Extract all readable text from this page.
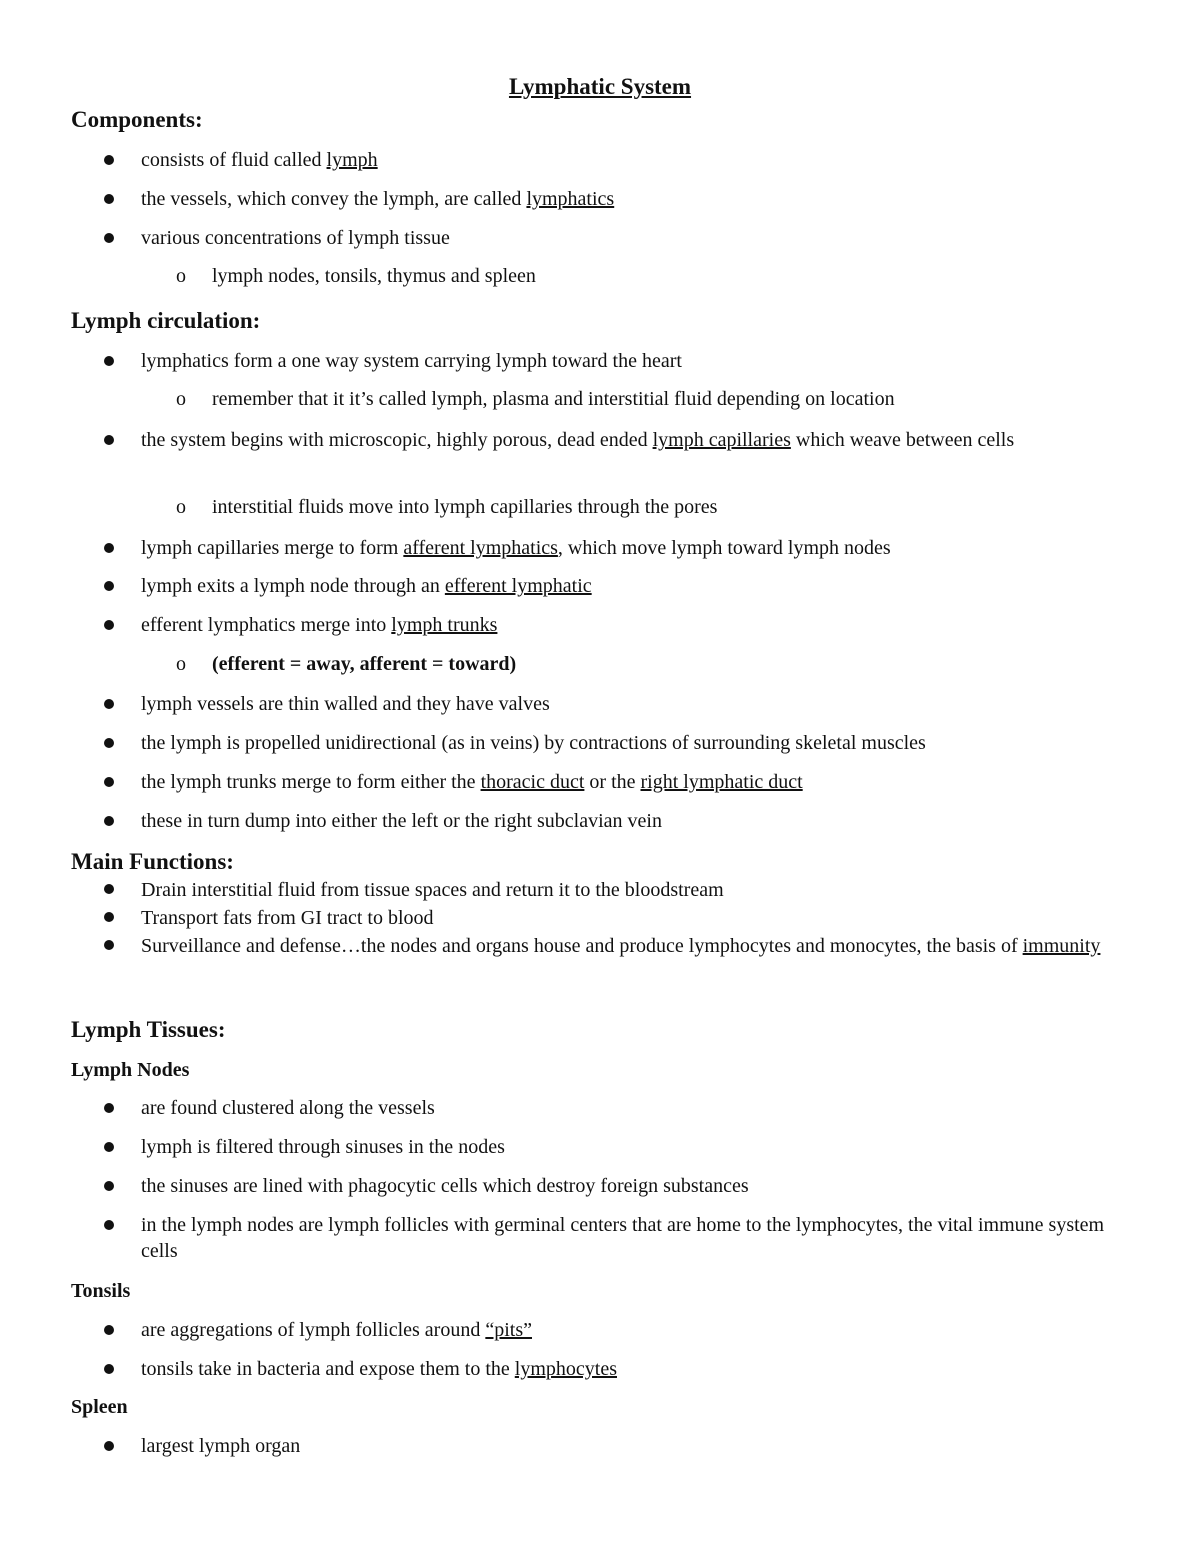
Lymphatic System
Components:
consists of fluid called lymph
the vessels, which convey the lymph, are called lymphatics
various concentrations of lymph tissue
o lymph nodes, tonsils, thymus and spleen
Lymph circulation:
lymphatics form a one way system carrying lymph toward the heart
o remember that it it’s called lymph, plasma and interstitial fluid depending on location
the system begins with microscopic, highly porous, dead ended lymph capillaries which weave between cells
o interstitial fluids move into lymph capillaries through the pores
lymph capillaries merge to form afferent lymphatics, which move lymph toward lymph nodes
lymph exits a lymph node through an efferent lymphatic
efferent lymphatics merge into lymph trunks
o (efferent = away, afferent = toward)
lymph vessels are thin walled and they have valves
the lymph is propelled unidirectional (as in veins) by contractions of surrounding skeletal muscles
the lymph trunks merge to form either the thoracic duct or the right lymphatic duct
these in turn dump into either the left or the right subclavian vein
Main Functions:
Drain interstitial fluid from tissue spaces and return it to the bloodstream
Transport fats from GI tract to blood
Surveillance and defense…the nodes and organs house and produce lymphocytes and monocytes, the basis of immunity
Lymph Tissues:
Lymph Nodes
are found clustered along the vessels
lymph is filtered through sinuses in the nodes
the sinuses are lined with phagocytic cells which destroy foreign substances
in the lymph nodes are lymph follicles with germinal centers that are home to the lymphocytes, the vital immune system cells
Tonsils
are aggregations of lymph follicles around “pits”
tonsils take in bacteria and expose them to the lymphocytes
Spleen
largest lymph organ
